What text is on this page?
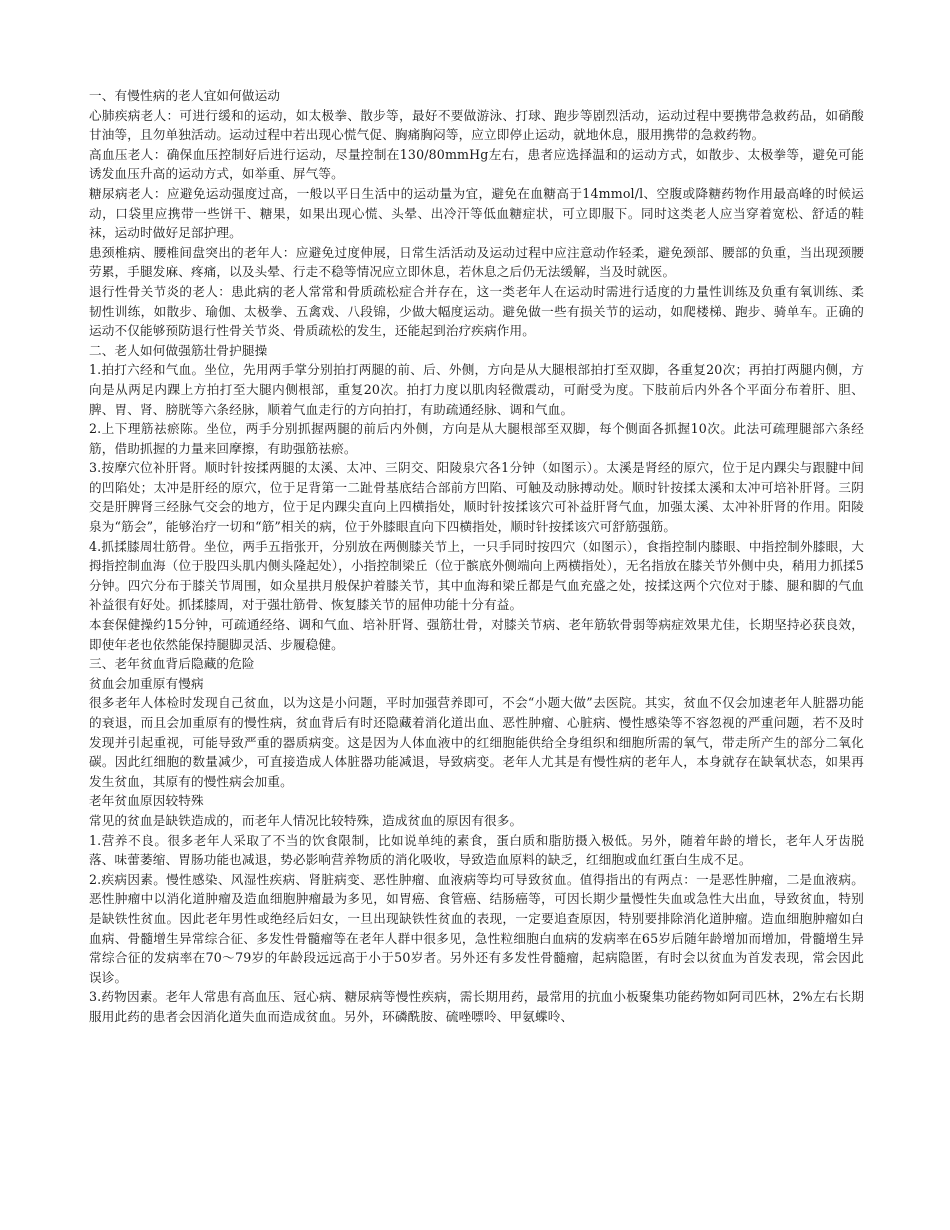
一、有慢性病的老人宜如何做运动

心肺疾病老人：可进行缓和的运动，如太极拳、散步等，最好不要做游泳、打球、跑步等剧烈活动，运动过程中要携带急救药品，如硝酸甘油等，且勿单独活动。运动过程中若出现心慌气促、胸痛胸闷等，应立即停止运动，就地休息，服用携带的急救药物。

高血压老人：确保血压控制好后进行运动，尽量控制在130/80mmHg左右，患者应选择温和的运动方式，如散步、太极拳等，避免可能诱发血压升高的运动方式，如举重、屏气等。

糖尿病老人：应避免运动强度过高，一般以平日生活中的运动量为宜，避免在血糖高于14mmol/l、空腹或降糖药物作用最高峰的时候运动，口袋里应携带一些饼干、糖果，如果出现心慌、头晕、出冷汗等低血糖症状，可立即服下。同时这类老人应当穿着宽松、舒适的鞋袜，运动时做好足部护理。

患颈椎病、腰椎间盘突出的老年人：应避免过度伸展，日常生活活动及运动过程中应注意动作轻柔，避免颈部、腰部的负重，当出现颈腰劳累，手腿发麻、疼痛，以及头晕、行走不稳等情况应立即休息，若休息之后仍无法缓解，当及时就医。

退行性骨关节炎的老人：患此病的老人常常和骨质疏松症合并存在，这一类老年人在运动时需进行适度的力量性训练及负重有氧训练、柔韧性训练，如散步、瑜伽、太极拳、五禽戏、八段锦，少做大幅度运动。避免做一些有损关节的运动，如爬楼梯、跑步、骑单车。正确的运动不仅能够预防退行性骨关节炎、骨质疏松的发生，还能起到治疗疾病作用。

二、老人如何做强筋壮骨护腿操

1.拍打六经和气血。坐位，先用两手掌分别拍打两腿的前、后、外侧，方向是从大腿根部拍打至双脚，各重复20次；再拍打两腿内侧，方向是从两足内踝上方拍打至大腿内侧根部，重复20次。拍打力度以肌肉轻微震动，可耐受为度。下肢前后内外各个平面分布着肝、胆、脾、胃、肾、膀胱等六条经脉，顺着气血走行的方向拍打，有助疏通经脉、调和气血。

2.上下理筋祛瘀陈。坐位，两手分别抓握两腿的前后内外侧，方向是从大腿根部至双脚，每个侧面各抓握10次。此法可疏理腿部六条经筋，借助抓握的力量来回摩擦，有助强筋祛瘀。

3.按摩穴位补肝肾。顺时针按揉两腿的太溪、太冲、三阴交、阳陵泉穴各1分钟（如图示）。太溪是肾经的原穴，位于足内踝尖与跟腱中间的凹陷处；太冲是肝经的原穴，位于足背第一二趾骨基底结合部前方凹陷、可触及动脉搏动处。顺时针按揉太溪和太冲可培补肝肾。三阴交是肝脾肾三经脉气交会的地方，位于足内踝尖直向上四横指处，顺时针按揉该穴可补益肝肾气血，加强太溪、太冲补肝肾的作用。阳陵泉为“筋会”，能够治疗一切和“筋”相关的病，位于外膝眼直向下四横指处，顺时针按揉该穴可舒筋强筋。

4.抓揉膝周壮筋骨。坐位，两手五指张开，分别放在两侧膝关节上，一只手同时按四穴（如图示），食指控制内膝眼、中指控制外膝眼，大拇指控制血海（位于股四头肌内侧头隆起处），小指控制梁丘（位于髌底外侧端向上两横指处），无名指放在膝关节外侧中央，稍用力抓揉5分钟。四穴分布于膝关节周围，如众星拱月般保护着膝关节，其中血海和梁丘都是气血充盛之处，按揉这两个穴位对于膝、腿和脚的气血补益很有好处。抓揉膝周，对于强壮筋骨、恢复膝关节的屈伸功能十分有益。

本套保健操约15分钟，可疏通经络、调和气血、培补肝肾、强筋壮骨，对膝关节病、老年筋软骨弱等病症效果尤佳，长期坚持必获良效，即使年老也依然能保持腿脚灵活、步履稳健。

三、老年贫血背后隐藏的危险

贫血会加重原有慢病

很多老年人体检时发现自己贫血，以为这是小问题，平时加强营养即可，不会“小题大做”去医院。其实，贫血不仅会加速老年人脏器功能的衰退，而且会加重原有的慢性病，贫血背后有时还隐藏着消化道出血、恶性肿瘤、心脏病、慢性感染等不容忽视的严重问题，若不及时发现并引起重视，可能导致严重的器质病变。这是因为人体血液中的红细胞能供给全身组织和细胞所需的氧气，带走所产生的部分二氧化碳。因此红细胞的数量减少，可直接造成人体脏器功能减退，导致病变。老年人尤其是有慢性病的老年人，本身就存在缺氧状态，如果再发生贫血，其原有的慢性病会加重。

老年贫血原因较特殊

常见的贫血是缺铁造成的，而老年人情况比较特殊，造成贫血的原因有很多。

1.营养不良。很多老年人采取了不当的饮食限制，比如说单纯的素食，蛋白质和脂肪摄入极低。另外，随着年龄的增长，老年人牙齿脱落、味蕾萎缩、胃肠功能也减退，势必影响营养物质的消化吸收，导致造血原料的缺乏，红细胞或血红蛋白生成不足。

2.疾病因素。慢性感染、风湿性疾病、肾脏病变、恶性肿瘤、血液病等均可导致贫血。值得指出的有两点：一是恶性肿瘤，二是血液病。恶性肿瘤中以消化道肿瘤及造血细胞肿瘤最为多见，如胃癌、食管癌、结肠癌等，可因长期少量慢性失血或急性大出血，导致贫血，特别是缺铁性贫血。因此老年男性或绝经后妇女，一旦出现缺铁性贫血的表现，一定要追查原因，特别要排除消化道肿瘤。造血细胞肿瘤如白血病、骨髓增生异常综合征、多发性骨髓瘤等在老年人群中很多见，急性粒细胞白血病的发病率在65岁后随年龄增加而增加，骨髓增生异常综合征的发病率在70～79岁的年龄段远远高于小于50岁者。另外还有多发性骨髓瘤，起病隐匿，有时会以贫血为首发表现，常会因此误诊。

3.药物因素。老年人常患有高血压、冠心病、糖尿病等慢性疾病，需长期用药，最常用的抗血小板聚集功能药物如阿司匹林，2%左右长期服用此药的患者会因消化道失血而造成贫血。另外，环磷酰胺、硫唑嘌呤、甲氨蝶呤、
